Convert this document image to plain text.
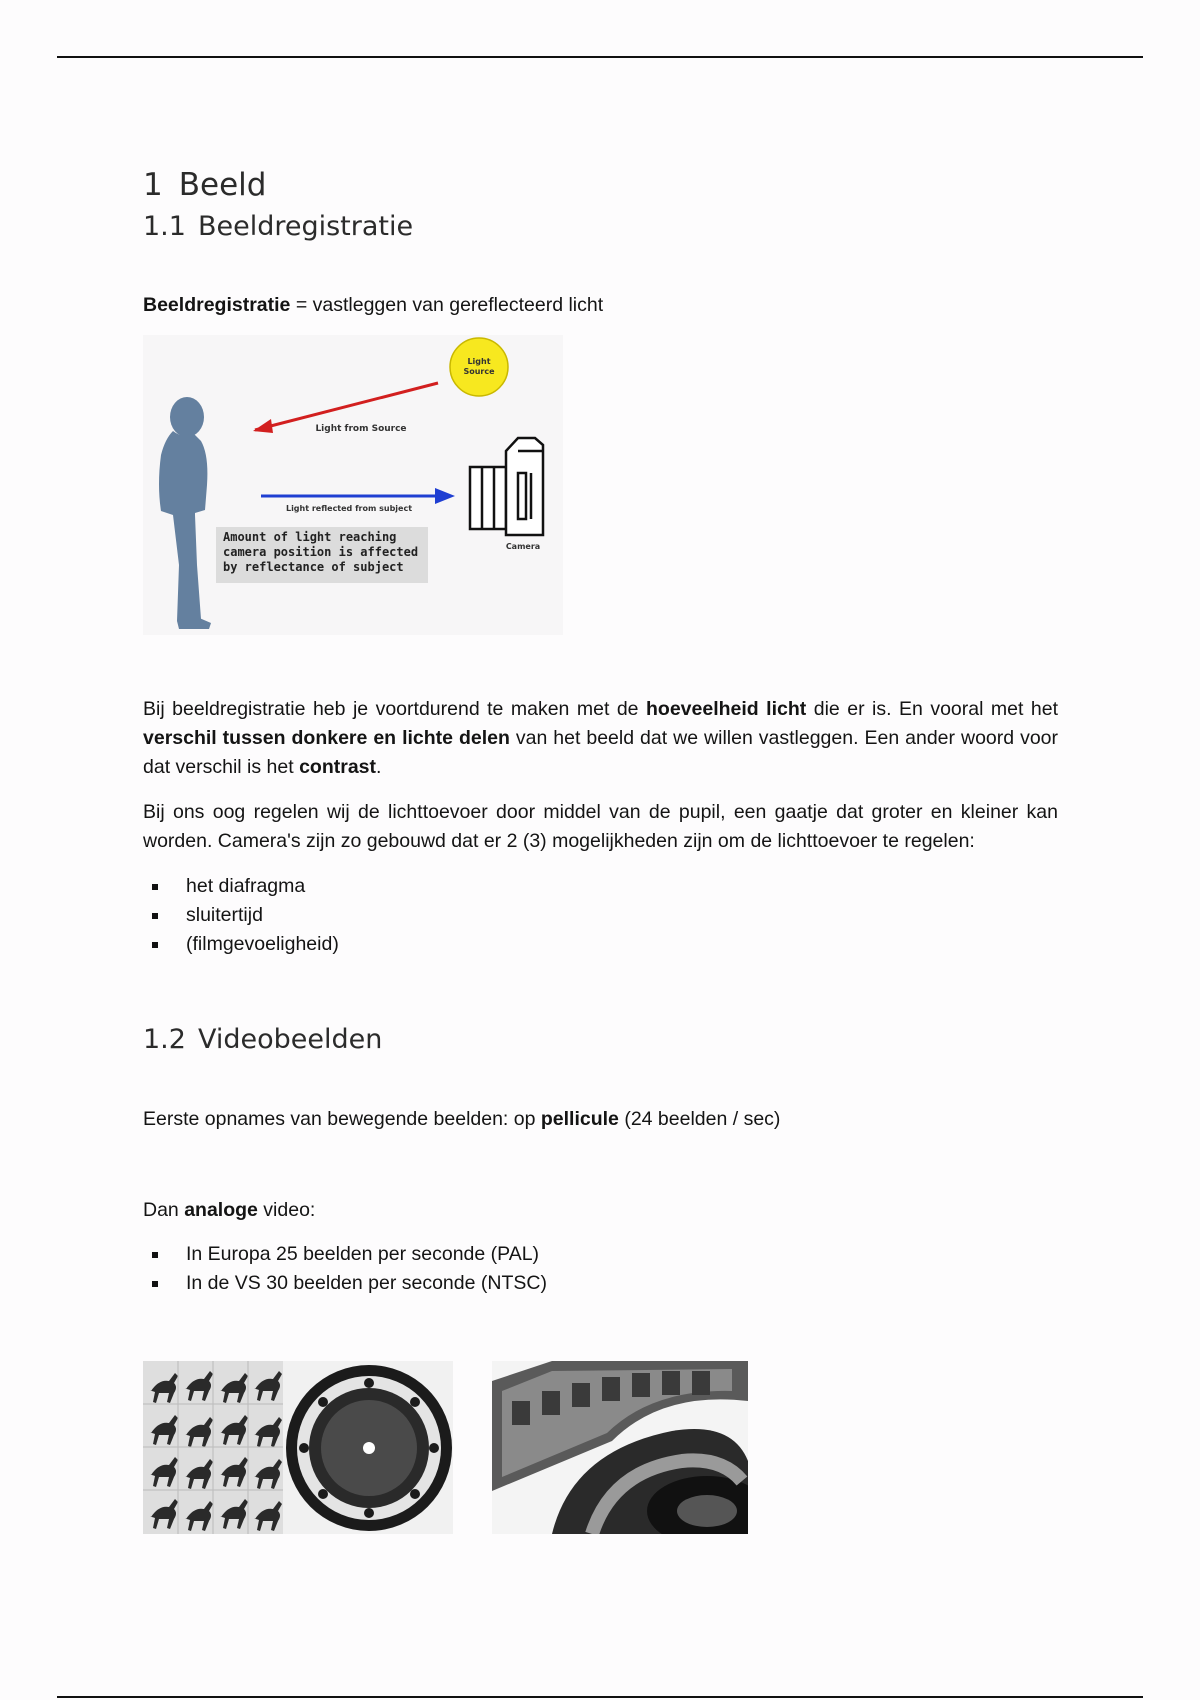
1 Beeld
1.1 Beeldregistratie

Beeldregistratie = vastleggen van gereflecteerd licht

Light
Source
Light from Source
Light reflected from subject
Amount of light reaching
camera position is affected
by reflectance of subject
Camera

Bij beeldregistratie heb je voortdurend te maken met de hoeveelheid licht die er is. En vooral met het verschil tussen donkere en lichte delen van het beeld dat we willen vastleggen. Een ander woord voor dat verschil is het contrast.

Bij ons oog regelen wij de lichttoevoer door middel van de pupil, een gaatje dat groter en kleiner kan worden. Camera's zijn zo gebouwd dat er 2 (3) mogelijkheden zijn om de lichttoevoer te regelen:

het diafragma
sluitertijd
(filmgevoeligheid)
1.2 Videobeelden

Eerste opnames van bewegende beelden: op pellicule (24 beelden / sec)

Dan analoge video:

In Europa 25 beelden per seconde (PAL)
In de VS 30 beelden per seconde (NTSC)
